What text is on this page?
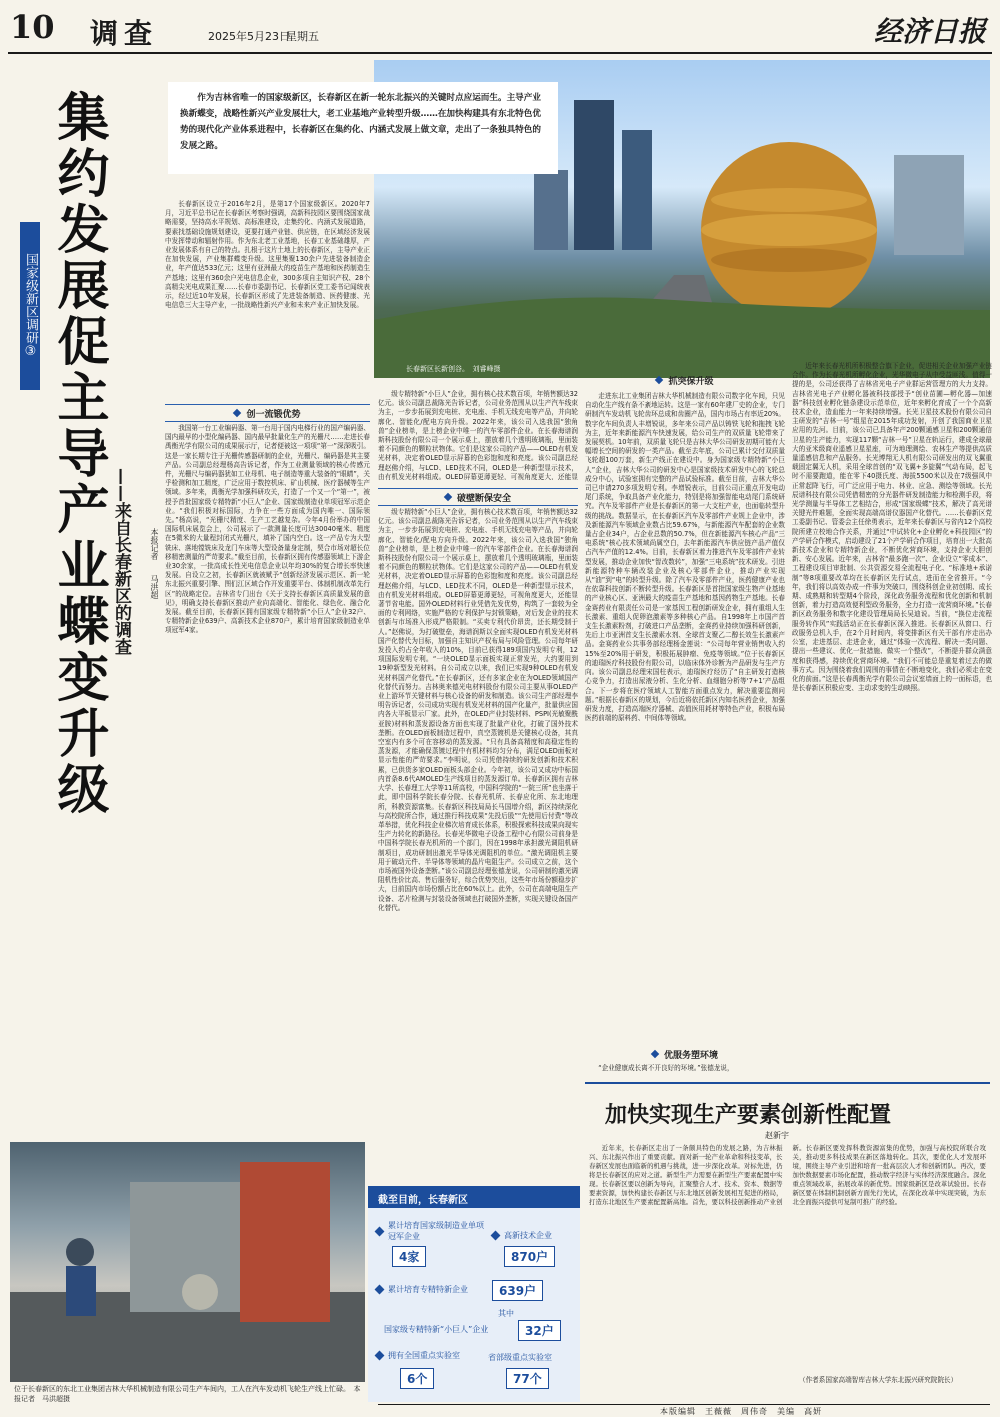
10 调查	2025年5月23日
星期五	经济日报
长春新区长新创谷。　刘睿峰摄

作为吉林省唯一的国家级新区，长春新区在新一轮东北振兴的关键时点应运而生。主导产业换新蝶变，战略性新兴产业发展壮大，老工业基地产业转型升级……在加快构建具有东北特色优势的现代化产业体系进程中，长春新区在集约化、内涵式发展上做文章，走出了一条独具特色的发展之路。

国家级新区调研③ 集约发展促主导产业蝶变升级 ——来自长春新区的调查	本报记者 马洪超

长春新区设立于2016年2月，是第17个国家级新区。2020年7月，习近平总书记在长春新区考察时强调，高新科技园区要围绕国家战略需要，坚持高水平规划、高标准建设，走集约化、内涵式发展道路，要素找基础设施规划建设，更要打通产业链、供应链，在区域经济发展中发挥带动和辐射作用。作为东北老工业基地，长春工业基础雄厚，产业发展体系有自己的特点。扎根于这片土地上的长春新区，主导产业正在加快发展，产业集群蝶变升级。这里集聚130余户先进装备制造企业，年产值达533亿元；这里有亚洲最大的疫苗生产基地和医药制造生产基地；这里有360余户光电信息企业，300多项自主知识产权、28个高精尖光电成果汇聚……长春市委副书记、长春新区党工委书记闻统表示，经过近10年发展，长春新区形成了先进装备制造、医药健康、光电信息三大主导产业，一批战略性新兴产业和未来产业正加快发展。

创一流锻优势

我国第一台工业编码器、第一台用于国内电梯行业的国产编码器、国内最早的小型化编码器、国内最早批量化生产的光栅尺……走进长春禹衡光学有限公司的成果展示厅，记者便被这一项项“第一”深深吸引。这是一家长期专注于光栅传感器研制的企业，光栅尺、编码器是其主要产品。公司副总经理杨高告诉记者，作为工业测量领域的核心传感元件，光栅尺与编码器犹如工业母机、电子制造等重大装备的“眼睛”，关乎检测和加工精度，广泛应用于数控机床、矿山机械、医疗器械等生产领域。多年来，禹衡光学加强科研攻关，打造了一个又一个“第一”，被授予首批国家级专精特新“小巨人”企业、国家级制造业单项冠军示范企业。“我们积极对标国际，力争在一些方面成为国内唯一、国际领先。”杨高说，“光栅尺精度、生产工艺越复杂。今年4月份举办的中国国际机床展览会上，公司展示了一款测量长度可达30040毫米、精度在5微米的大量程封闭式光栅尺，填补了国内空白。这一产品专为大型铣床、落地镗铣床及龙门车床等大型设备量身定制，契合市场对超长位移精密测量的严苛要求。”截至目前，长春新区拥有传感器领域上下游企业30余家，一批高成长性光电信息企业以年均30%的复合增长率快速发展。自设立之初，长春新区就被赋予“创新经济发展示范区、新一轮东北振兴重要引擎、图们江区域合作开发重要平台、体制机制改革先行区”的战略定位。吉林省专门出台《关于支持长春新区高质量发展的意见》，明确支持长春新区推动产业向高端化、智能化、绿色化、融合化发展。截至目前，长春新区拥有国家级专精特新“小巨人”企业32户、专精特新企业639户、高新技术企业870户，累计培育国家级制造业单项冠军4家。

位于长春新区的东北工业集团吉林大华机械制造有限公司生产车间内，工人在汽车发动机飞轮生产线上忙碌。　本报记者　马洪超摄

级专精特新“小巨人”企业，拥有核心技术数百项，年销售额达32亿元。该公司副总裁陈光告诉记者，公司业务范围从以生产汽车线束为主，一步步拓展到充电桩、充电座、手机无线充电等产品，并向轮廓化、智能化/配电方向升级。2022年来，该公司入选我国“独角兽”企业榜单，是上榜企业中唯一的汽车零部件企业。在长春海谱润斯科技股份有限公司一个展示桌上，摆放着几个透明玻璃瓶，里面装着不同颜色的颗粒状物体。它们是这家公司的产品——OLED有机发光材料，决定着OLED显示屏幕的色彩饱和度和亮度。该公司副总经理赵佛介绍，与LCD、LED技术不同，OLED是一种新型显示技术，由有机发光材料组成。OLED屏幕更薄更轻，可视角度更大，还能显

破壁断保安全

级专精特新“小巨人”企业，拥有核心技术数百项，年销售额达32亿元。该公司副总裁陈光告诉记者，公司业务范围从以生产汽车线束为主，一步步拓展到充电桩、充电座、手机无线充电等产品，并向轮廓化、智能化/配电方向升级。2022年来，该公司入选我国“独角兽”企业榜单，是上榜企业中唯一的汽车零部件企业。在长春海谱润斯科技股份有限公司一个展示桌上，摆放着几个透明玻璃瓶，里面装着不同颜色的颗粒状物体。它们是这家公司的产品——OLED有机发光材料，决定着OLED显示屏幕的色彩饱和度和亮度。该公司副总经理赵佛介绍，与LCD、LED技术不同，OLED是一种新型显示技术，由有机发光材料组成。OLED屏幕更薄更轻，可视角度更大，还能显著节省电能。国外OLED材料行业凭借先发优势，构筑了一套较为全面的专利网络，实施严格的专利保护与封锁策略，对后发企业的技术创新与市场准入形成严格限制。“买卖专利代价昂贵，还长期受制于人。”赵佛说，为打破壁垒，海谱润斯以全面实现OLED有机发光材料国产化替代为目标，加强自主知识产权布局与风险管理。公司每年研发投入约占全年收入的10%，目前已获得189项国内发明专利，12项国际发明专利。“一块OLED显示面板实现正常发光，大约要用到19种新型发光材料。自公司成立以来，我们已实现9种OLED有机发光材料国产化替代。”在长春新区，还有多家企业在为OLED领域国产化替代而努力。吉林奥来德光电材料股份有限公司主要从事OLED产业上游环节关键材料与核心设备的研发和制造。该公司生产部经理李明告诉记者，公司成功实现有机发光材料的国产化量产，批量供应国内各大平板显示厂家。此外，在OLED产业封装材料、PSPI(光敏聚酰亚胺)材料和蒸发源设备方面也实现了批量产业化，打破了国外技术垄断。在OLED面板制造过程中，真空蒸镀机是关键核心设备，其真空室内有多个可在容移动的蒸发源。“只有具备高精度和高稳定性的蒸发源，才能确保蒸镀过程中有机材料均匀分布，满足OLED面板对显示性能的严苛要求。”李明说，公司凭借持续的研发创新和技术积累，已供货多家OLED面板头部企业。今年初，该公司又成功中标国内首条8.6代AMOLED生产线项目的蒸发源订单。长春新区拥有吉林大学、长春理工大学等11所高校，中国科学院的“一院三所”也坐落于此，即中国科学院长春分院、长春光机所、长春应化所、东北地理所，科教资源富集。长春新区科技局局长马国增介绍，新区持续深化与高校院所合作，通过推行科技成果“先投后股”“先使用后付费”等改革举措，优化科技企业梯次培育成长体系，积极探索科技成果向现实生产力转化的新路径。长春光华微电子设备工程中心有限公司前身是中国科学院长春光机所的一个部门，因在1998年承担激光调阻机研制项目，成功研制出激光半导体光调阻机的单位。“激光调阻机主要用于破动元件、半导体等领域的晶片电阻生产。公司成立之前，这个市场被国外设备垄断。”该公司副总经理张德龙说，公司研制的激光调阻机性价比高、售后服务好，综合优势突出，这些年市场份额稳步扩大，目前国内市场份额占比在60%以上。此外，公司在高端电阻生产设备、芯片检测与封装设备领域也打破国外垄断，实现关键设备国产化替代。

抓突保升级

走进东北工业集团吉林大华机械制造有限公司数字化车间，只见自动化生产线有条不紊地运转。这是一家有60年建厂史的企业，专门研制汽车发动机飞轮齿环总成和齿圈产品，国内市场占有率近20%。数字化车间负责人丰增锐说，多年来公司产品以铸铁飞轮和拖拽飞轮为主，近年来新能源汽车快速发展，给公司生产的双质量飞轮带来了发展契机。10年前，双质量飞轮只是吉林大华公司研发初期可能有大幅增长空间的研发的一类产品。截至去年底，公司已累计交付双质量飞轮超100万套，新生产线正在建设中。身为国家级专精特新“小巨人”企业，吉林大华公司的研发中心是国家级技术研发中心的飞轮总成分中心，试验室拥有完整的产品试验标准。截至目前，吉林大华公司已申请270多项发明专利。李增锐表示，目前公司正重点开发电动尾门系统，争取具备产业化能力，特别是将加强智能电动尾门系统研究。汽车及零部件产业是长春新区的第一大支柱产业，也面临转型升级的挑战。数据显示，在长春新区汽车及零部件产业规上企业中，涉及新能源汽车领域企业数占比59.67%，与新能源汽车配套的企业数量占企业34户，占企业总数的50.7%，但在新能源汽车核心产品“三电系统”核心技术领域尚属空白，去年新能源汽车供应链产品产值仅占汽车产值的12.4%。目前，长春新区着力推进汽车及零部件产业转型发展，推动企业加快“智改数转”，加强“三电系统”技术研发。引进新能源特种车辆改装企业及核心零部件企业，推动产业实现从“油”到“电”的转型升级。除了汽车及零部件产业，医药健康产业也在依靠科技创新不断转型升级。长春新区是首批国家级生物产业基地的产业核心区、亚洲最大的疫苗生产基地和基因药物生产基地。长春金赛药业有限责任公司是一家基因工程创新研发企业，拥有重组人生长激素、重组人促卵泡激素等多种核心产品。自1998年上市国产首支生长激素粉剂，打破进口产品垄断，金赛药业持续加强科研创新，先后上市亚洲首支生长激素水剂、全球首支聚乙二醇长效生长激素产品。金赛药业公共事务部经理杨金莲说：“公司每年营业销售收入约15%至20%用于研发，积极拓展肿瘤、免疫等领域。”位于长春新区的迪瑞医疗科技股份有限公司，以临床体外诊断为产品研发与生产方向。该公司副总经理宋国柱表示，迪瑞医疗经历了“自主研发打造核心竞争力，打造出尿液分析、生化分析、血细胞分析等‘7+1’产品组合。下一步将在医疗领域人工智能方面重点发力，解决重要监测问题。”根据长春新区的规划，今后近将依托新区内知名医药企业，加强研发力度，打造高端医疗器械、高值医用耗材等特色产业，积极布局医药前端的原料药、中间体等领域。

优服务塑环境

“企业健康成长离不开良好的环境。”张德龙说，

近年来长春光机所积极整合旗下企业，促进相关企业加强产业链合作。作为长春光机所孵化企业，光华微电子从中受益匪浅。值得一提的是，公司还获得了吉林省光电子产业群运营管理方的大力支持。吉林省光电子产业孵化器被科技部授予“创业苗圃—孵化器—加速器”科技创业孵化链条建设示范单位，近年来孵化育成了一个个高新技术企业，造血能力一年来持续增强。长光卫星技术股份有限公司自主研发的“吉林一号”组星在2015年成功发射，开创了我国商业卫星应用的先河。目前，该公司已具备年产200颗通感卫星和200颗通信卫星的生产能力，实现117颗“吉林一号”卫星在轨运行，建成全球最大的亚米级商业遥感卫星星座，可为地理测绘、农林生产等提供高质量遥感信息和产品服务。长光博翔无人机有限公司研发出的双飞翼重载固定翼无人机，采用全球首创的“双飞翼+多旋翼”气动布局，起飞时不需要跑道，能在零下40摄氏度、海拔5500米以及在7级强风中正常起降飞行，可广泛应用于电力、林业、应急、测绘等领域。长光辰谱科技有限公司凭借精密的分光器件研发制造能力和检测手段，将光学测量与半导体工艺相结合，形成“国家级蝶”技术，解决了高光谱关键光件难题，全面实现高端高谱仪器国产化替代。……长春新区党工委副书记、管委会主任徐勇表示，近年来长春新区与省内12个高校院所建立校地合作关系，并通过“中试转化+企业孵化+科技园区”的产学研合作模式，启动建设了21个产学研合作项目，培育出一大批高新技术企业和专精特新企业，不断优化营商环境，支持企业大胆创新、安心发展。近年来，吉林省“最多跑一次”、企业设立“零成本”、工程建设项目审批制、公共资源交易全流程电子化、“标准地+承诺制”等8项重要改革均在长春新区先行试点，进而在全省推开。“今年，我们将以高效办成一件事为突破口，围绕科创企业初创期、成长期、成熟期和转型期4个阶段，深化政务服务流程和优化创新和机制创新，着力打造高效便利型政务服务，全力打造一流营商环境。”长春新区政务服务和数字化建设管理局局长吴迪说。当前，“换位走流程 服务转作风”实践活动正在长春新区深入推进。长春新区从窗口、行政服务总机入手，在2个月时间内，将变排新区有关干部有序走出办公室，走进基层、走进企业，通过“体验一次流程、解决一类问题、提出一些建议、优化一批措施、做实一个整改”，不断提升群众满意度和获得感，持续优化营商环境。“我们不可能总是重复着过去的做事方式。因为围绕着我们周围的事情在不断地变化，我们必须走在变化的前面。”这是长春禹衡光学有限公司会议室墙面上的一面标语，也是长春新区积极应变、主动求变的生动映照。

截至目前，长春新区
累计培育国家级制造业单项冠军企业
4家
高新技术企业
870户
累计培育专精特新企业	639户
其中
国家级专精特新“小巨人”企业	32户
拥有全国重点实验室
6个
省部级重点实验室
77个
加快实现生产要素创新性配置
赵新宇

近年来，长春新区走出了一条颇具特色的发展之路，为吉林振兴、东北振兴作出了重要贡献。面对新一轮产业革命和科技变革，长春新区发展也面临新的机遇与挑战，进一步深化改革。对标先进，仍将是长春新区的应对之道。新型生产力需要在新型生产要素配置中实现。长春新区要以创新为导向，汇聚整合人才、技术、资本、数据等要素资源，加快构建长春新区与东北地区创新发展相互促进的格局，打造东北地区生产要素配置新高地。首先，要以科技创新推动产业创新。长春新区要发挥科教资源富集的优势，加强与高校院所联合攻关，推动更多科技成果在新区落地转化。其次，要优化人才发展环境，围绕主导产业引进和培育一批高层次人才和创新团队。再次，要加快数据要素市场化配置，推动数字经济与实体经济深度融合。深化重点领域改革，拓展改革的新优势。国家级新区是改革试验田。长春新区要在体制机制创新方面先行先试，在深化改革中实现突破，为东北全面振兴提供可复制可推广的经验。

（作者系国家高端智库吉林大学东北振兴研究院院长）
本版编辑　王薇薇　周伟奇　美编　高妍
